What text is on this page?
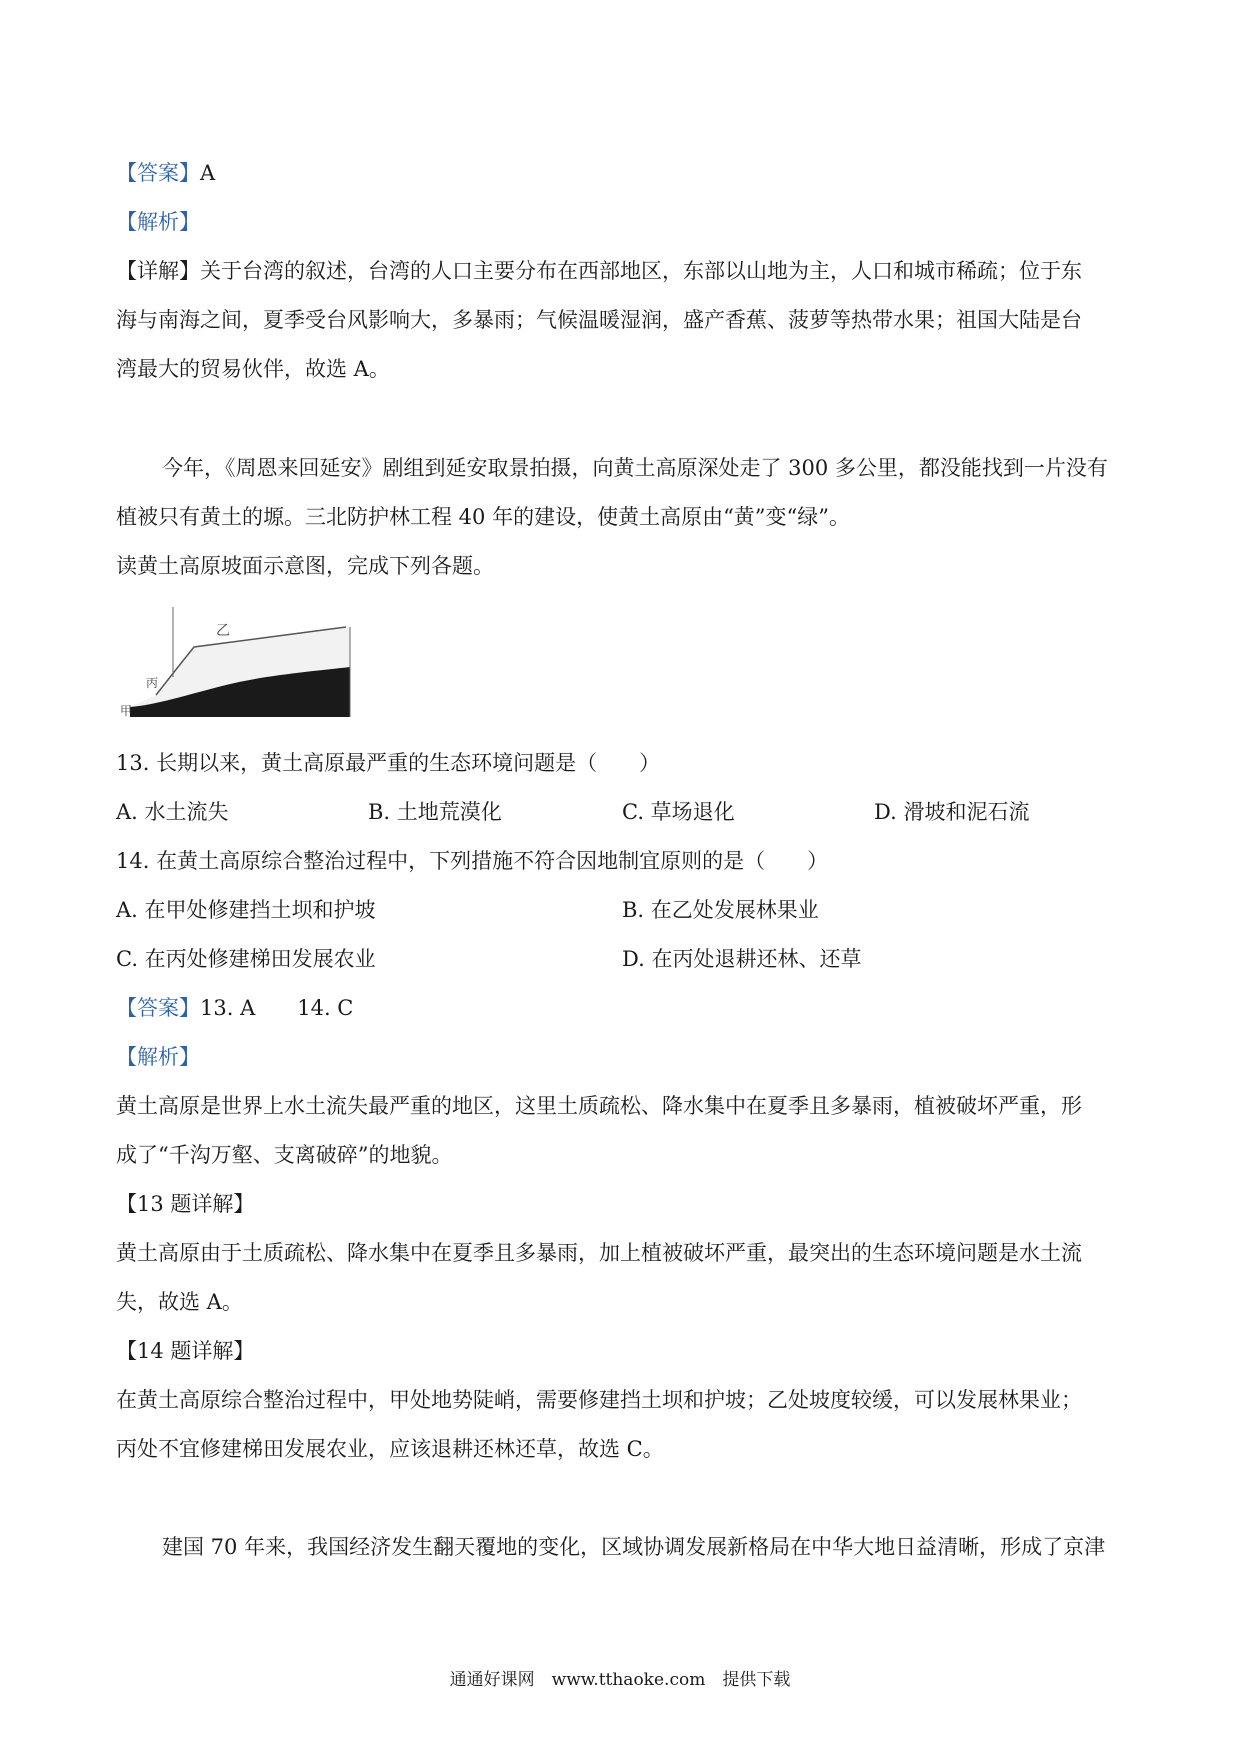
【答案】A
【解析】
【详解】关于台湾的叙述，台湾的人口主要分布在西部地区，东部以山地为主，人口和城市稀疏；位于东
海与南海之间，夏季受台风影响大，多暴雨；气候温暖湿润，盛产香蕉、菠萝等热带水果；祖国大陆是台
湾最大的贸易伙伴，故选 A。
今年，《周恩来回延安》剧组到延安取景拍摄，向黄土高原深处走了 300 多公里，都没能找到一片没有
植被只有黄土的塬。三北防护林工程 40 年的建设，使黄土高原由“黄”变“绿”。
读黄土高原坡面示意图，完成下列各题。
乙
丙
甲
13. 长期以来，黄土高原最严重的生态环境问题是（　　）
A. 水土流失	B. 土地荒漠化	C. 草场退化	D. 滑坡和泥石流
14. 在黄土高原综合整治过程中，下列措施不符合因地制宜原则的是（　　）
A. 在甲处修建挡土坝和护坡	B. 在乙处发展林果业
C. 在丙处修建梯田发展农业	D. 在丙处退耕还林、还草
【答案】13. A　　14. C
【解析】
黄土高原是世界上水土流失最严重的地区，这里土质疏松、降水集中在夏季且多暴雨，植被破坏严重，形
成了“千沟万壑、支离破碎”的地貌。
【13 题详解】
黄土高原由于土质疏松、降水集中在夏季且多暴雨，加上植被破坏严重，最突出的生态环境问题是水土流
失，故选 A。
【14 题详解】
在黄土高原综合整治过程中，甲处地势陡峭，需要修建挡土坝和护坡；乙处坡度较缓，可以发展林果业；
丙处不宜修建梯田发展农业，应该退耕还林还草，故选 C。
建国 70 年来，我国经济发生翻天覆地的变化，区域协调发展新格局在中华大地日益清晰，形成了京津
通通好课网　www.tthaoke.com　提供下载
